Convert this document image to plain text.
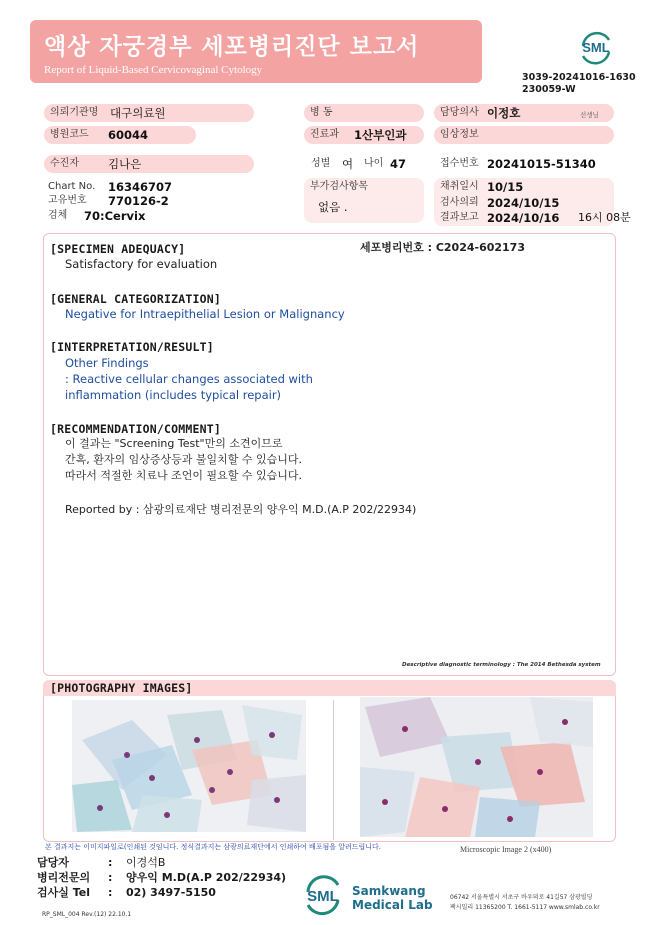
액상 자궁경부 세포병리진단 보고서
Report of Liquid-Based Cervicovaginal Cytology
SML
3039-20241016-1630
230059-W
의뢰기관명	대구의료원	병 동	담당의사 이정호	선생님
병원코드	60044	진료과	1산부인과	임상정보
수진자	김나은	성별 여 나이 47	접수번호 20241015-51340
Chart No. 16346707
고유번호 770126-2
검체 70:Cervix
부가검사항목
없음 .
채취일시 10/15
검사의뢰 2024/10/15
결과보고 2024/10/16 16시 08분
[SPECIMEN ADEQUACY]	세포병리번호 : C2024-602173
Satisfactory for evaluation
[GENERAL CATEGORIZATION]
Negative for Intraepithelial Lesion or Malignancy
[INTERPRETATION/RESULT]
Other Findings
: Reactive cellular changes associated with
inflammation (includes typical repair)
[RECOMMENDATION/COMMENT]
이 결과는 "Screening Test"만의 소견이므로
간혹, 환자의 임상증상등과 불일치할 수 있습니다.
따라서 적절한 치료나 조언이 필요할 수 있습니다.
Reported by : 삼광의료재단 병리전문의 양우익 M.D.(A.P 202/22934)
Descriptive diagnostic terminology : The 2014 Bethesda system
[PHOTOGRAPHY IMAGES]
본 결과지는 이미지파일로(인쇄된 것임니다. 정식결과지는 삼광의료재단에서 인쇄하여 배포됨을 알려드립니다.	Microscopic Image 2 (x400)
담당자	: 이경석B
병리전문의 : 양우익 M.D(A.P 202/22934)
검사실 Tel : 02) 3497-5150	SML Samkwang
Medical Lab
06742 서울특별시 서초구 바우뫼로 41길57 삼광빌딩
팩시밀리 11365200 T. 1661-5117 www.smlab.co.kr
RP_SML_004 Rev.(12) 22.10.1
